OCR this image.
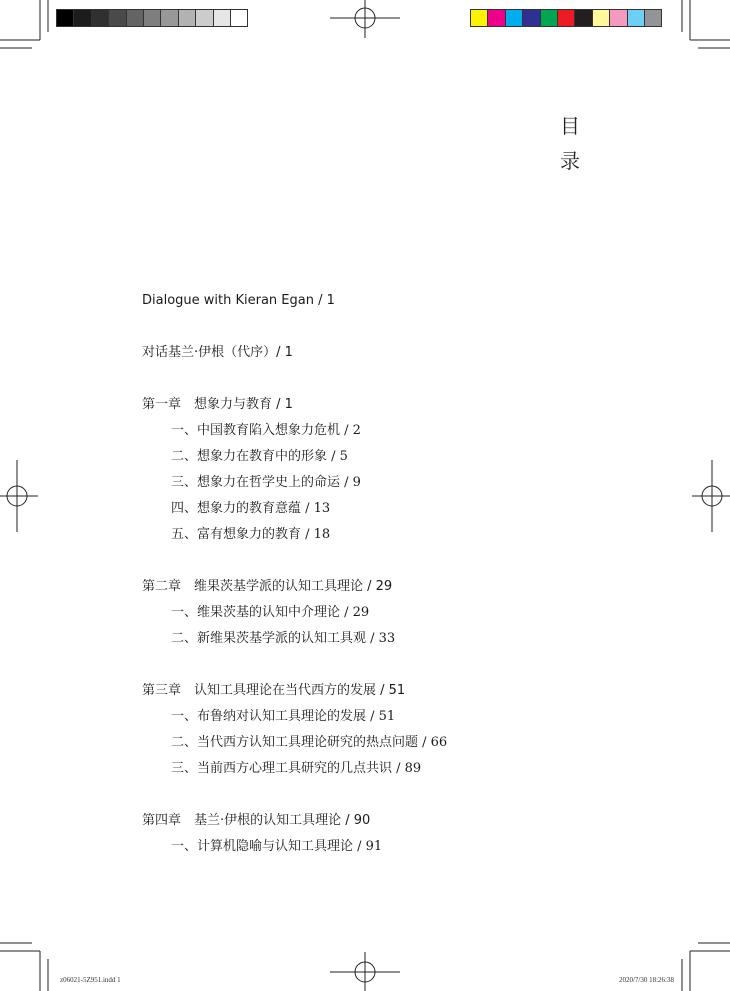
目
录
Dialogue with Kieran Egan / 1
对话基兰·伊根（代序）/ 1
第一章　想象力与教育 / 1
一、中国教育陷入想象力危机 / 2
二、想象力在教育中的形象 / 5
三、想象力在哲学史上的命运 / 9
四、想象力的教育意蕴 / 13
五、富有想象力的教育 / 18
第二章　维果茨基学派的认知工具理论 / 29
一、维果茨基的认知中介理论 / 29
二、新维果茨基学派的认知工具观 / 33
第三章　认知工具理论在当代西方的发展 / 51
一、布鲁纳对认知工具理论的发展 / 51
二、当代西方认知工具理论研究的热点问题 / 66
三、当前西方心理工具研究的几点共识 / 89
第四章　基兰·伊根的认知工具理论 / 90
一、计算机隐喻与认知工具理论 / 91
z06021-5Z951.indd 1	2020/7/30 18:26:38
